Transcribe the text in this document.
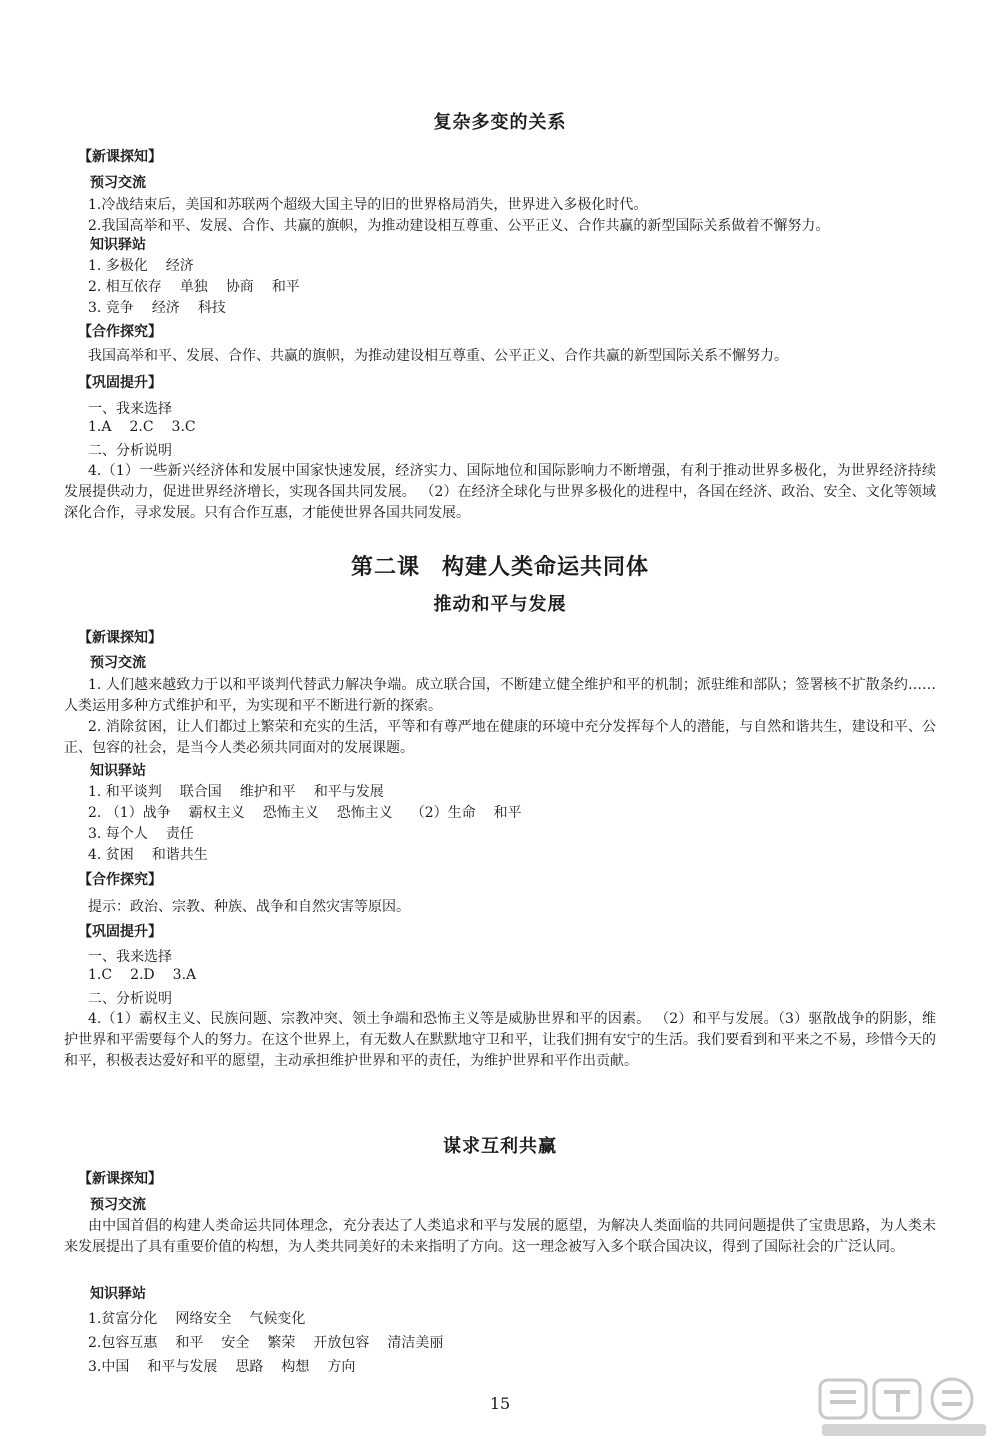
复杂多变的关系
【新课探知】
预习交流
1.冷战结束后，美国和苏联两个超级大国主导的旧的世界格局消失，世界进入多极化时代。
2.我国高举和平、发展、合作、共赢的旗帜，为推动建设相互尊重、公平正义、合作共赢的新型国际关系做着不懈努力。
知识驿站
1. 多极化 经济
2. 相互依存 单独 协商 和平
3. 竞争 经济 科技
【合作探究】
我国高举和平、发展、合作、共赢的旗帜，为推动建设相互尊重、公平正义、合作共赢的新型国际关系不懈努力。
【巩固提升】
一、我来选择
1.A 2.C 3.C
二、分析说明
4.（1）一些新兴经济体和发展中国家快速发展，经济实力、国际地位和国际影响力不断增强，有利于推动世界多极化，为世界经济持续发展提供动力，促进世界经济增长，实现各国共同发展。 （2）在经济全球化与世界多极化的进程中，各国在经济、政治、安全、文化等领域深化合作，寻求发展。只有合作互惠，才能使世界各国共同发展。
第二课 构建人类命运共同体
推动和平与发展
【新课探知】
预习交流
1. 人们越来越致力于以和平谈判代替武力解决争端。成立联合国，不断建立健全维护和平的机制；派驻维和部队；签署核不扩散条约……人类运用多种方式维护和平，为实现和平不断进行新的探索。
2. 消除贫困，让人们都过上繁荣和充实的生活，平等和有尊严地在健康的环境中充分发挥每个人的潜能，与自然和谐共生，建设和平、公正、包容的社会，是当今人类必须共同面对的发展课题。
知识驿站
1. 和平谈判 联合国 维护和平 和平与发展
2. （1）战争 霸权主义 恐怖主义 恐怖主义 （2）生命 和平
3. 每个人 责任
4. 贫困 和谐共生
【合作探究】
提示：政治、宗教、种族、战争和自然灾害等原因。
【巩固提升】
一、我来选择
1.C 2.D 3.A
二、分析说明
4.（1）霸权主义、民族问题、宗教冲突、领土争端和恐怖主义等是威胁世界和平的因素。 （2）和平与发展。（3）驱散战争的阴影，维护世界和平需要每个人的努力。在这个世界上，有无数人在默默地守卫和平，让我们拥有安宁的生活。我们要看到和平来之不易，珍惜今天的和平，积极表达爱好和平的愿望，主动承担维护世界和平的责任，为维护世界和平作出贡献。
谋求互利共赢
【新课探知】
预习交流
由中国首倡的构建人类命运共同体理念，充分表达了人类追求和平与发展的愿望，为解决人类面临的共同问题提供了宝贵思路，为人类未来发展提出了具有重要价值的构想，为人类共同美好的未来指明了方向。这一理念被写入多个联合国决议，得到了国际社会的广泛认同。
知识驿站
1.贫富分化 网络安全 气候变化
2.包容互惠 和平 安全 繁荣 开放包容 清洁美丽
3.中国 和平与发展 思路 构想 方向
15
